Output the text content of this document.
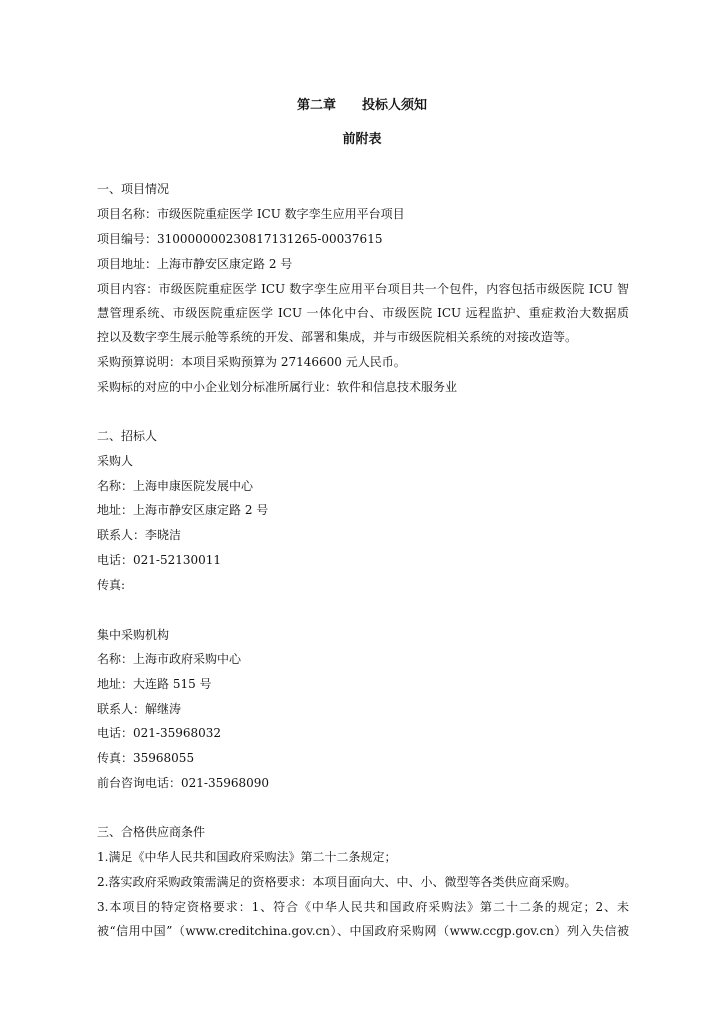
第二章　　投标人须知
前附表
一、项目情况
项目名称：市级医院重症医学 ICU 数字孪生应用平台项目
项目编号：310000000230817131265-00037615
项目地址：上海市静安区康定路 2 号
项目内容：市级医院重症医学 ICU 数字孪生应用平台项目共一个包件，内容包括市级医院 ICU 智
慧管理系统、市级医院重症医学 ICU 一体化中台、市级医院 ICU 远程监护、重症救治大数据质
控以及数字孪生展示舱等系统的开发、部署和集成，并与市级医院相关系统的对接改造等。
采购预算说明：本项目采购预算为 27146600 元人民币。
采购标的对应的中小企业划分标准所属行业：软件和信息技术服务业
二、招标人
采购人
名称：上海申康医院发展中心
地址：上海市静安区康定路 2 号
联系人：李晓洁
电话：021-52130011
传真:
集中采购机构
名称：上海市政府采购中心
地址：大连路 515 号
联系人：解继涛
电话：021-35968032
传真：35968055
前台咨询电话：021-35968090
三、合格供应商条件
1.满足《中华人民共和国政府采购法》第二十二条规定；
2.落实政府采购政策需满足的资格要求：本项目面向大、中、小、微型等各类供应商采购。
3.本项目的特定资格要求：1、符合《中华人民共和国政府采购法》第二十二条的规定；2、未
被“信用中国”（www.creditchina.gov.cn）、中国政府采购网（www.ccgp.gov.cn）列入失信被
